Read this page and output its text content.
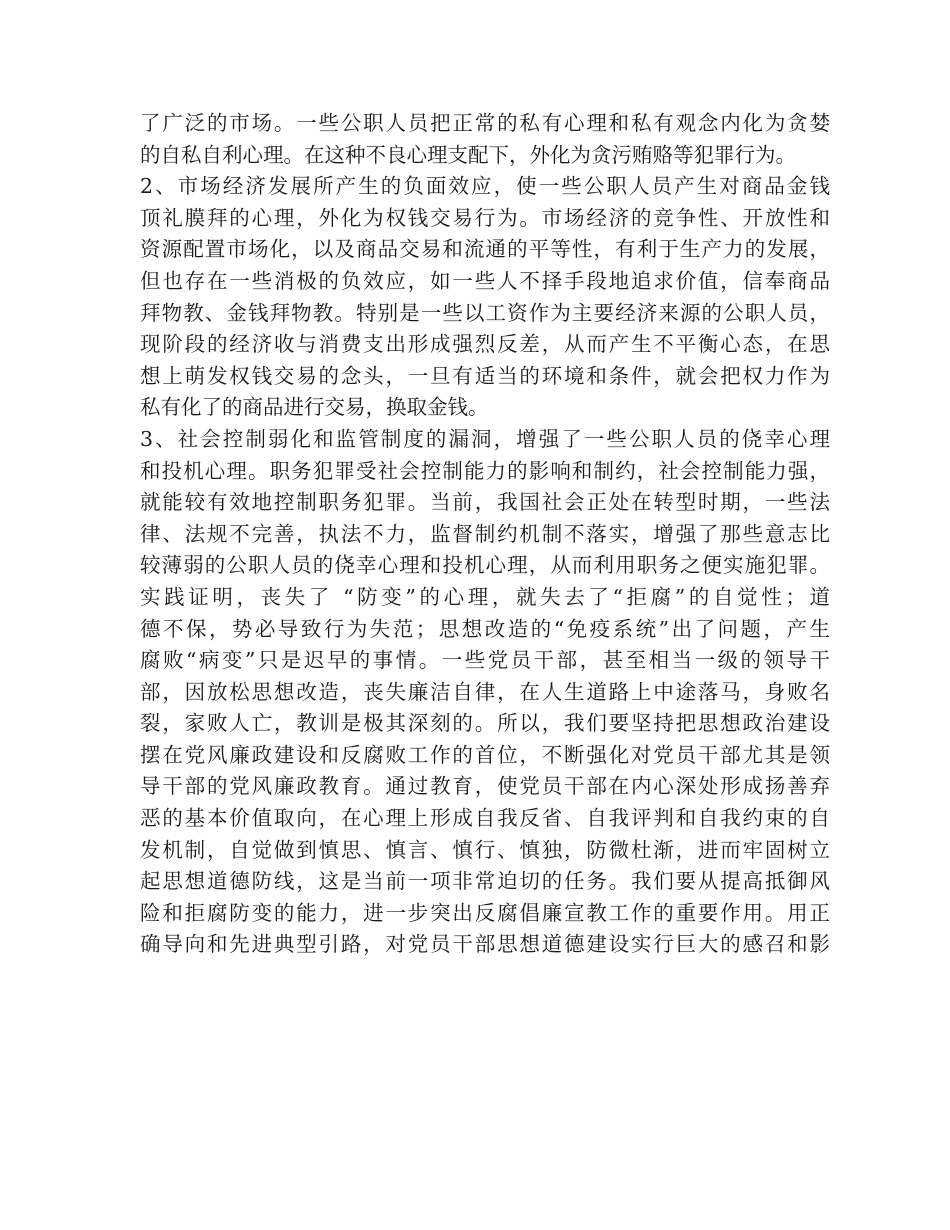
了广泛的市场。一些公职人员把正常的私有心理和私有观念内化为贪婪
的自私自利心理。在这种不良心理支配下，外化为贪污贿赂等犯罪行为。
2、市场经济发展所产生的负面效应，使一些公职人员产生对商品金钱
顶礼膜拜的心理，外化为权钱交易行为。市场经济的竞争性、开放性和
资源配置市场化，以及商品交易和流通的平等性，有利于生产力的发展，
但也存在一些消极的负效应，如一些人不择手段地追求价值，信奉商品
拜物教、金钱拜物教。特别是一些以工资作为主要经济来源的公职人员，
现阶段的经济收与消费支出形成强烈反差，从而产生不平衡心态，在思
想上萌发权钱交易的念头，一旦有适当的环境和条件，就会把权力作为
私有化了的商品进行交易，换取金钱。
3、社会控制弱化和监管制度的漏洞，增强了一些公职人员的侥幸心理
和投机心理。职务犯罪受社会控制能力的影响和制约，社会控制能力强，
就能较有效地控制职务犯罪。当前，我国社会正处在转型时期，一些法
律、法规不完善，执法不力，监督制约机制不落实，增强了那些意志比
较薄弱的公职人员的侥幸心理和投机心理，从而利用职务之便实施犯罪。
实践证明，丧失了 “防变”的心理，就失去了“拒腐”的自觉性；道
德不保，势必导致行为失范；思想改造的“免疫系统”出了问题，产生
腐败“病变”只是迟早的事情。一些党员干部，甚至相当一级的领导干
部，因放松思想改造，丧失廉洁自律，在人生道路上中途落马，身败名
裂，家败人亡，教训是极其深刻的。所以，我们要坚持把思想政治建设
摆在党风廉政建设和反腐败工作的首位，不断强化对党员干部尤其是领
导干部的党风廉政教育。通过教育，使党员干部在内心深处形成扬善弃
恶的基本价值取向，在心理上形成自我反省、自我评判和自我约束的自
发机制，自觉做到慎思、慎言、慎行、慎独，防微杜渐，进而牢固树立
起思想道德防线，这是当前一项非常迫切的任务。我们要从提高抵御风
险和拒腐防变的能力，进一步突出反腐倡廉宣教工作的重要作用。用正
确导向和先进典型引路，对党员干部思想道德建设实行巨大的感召和影
